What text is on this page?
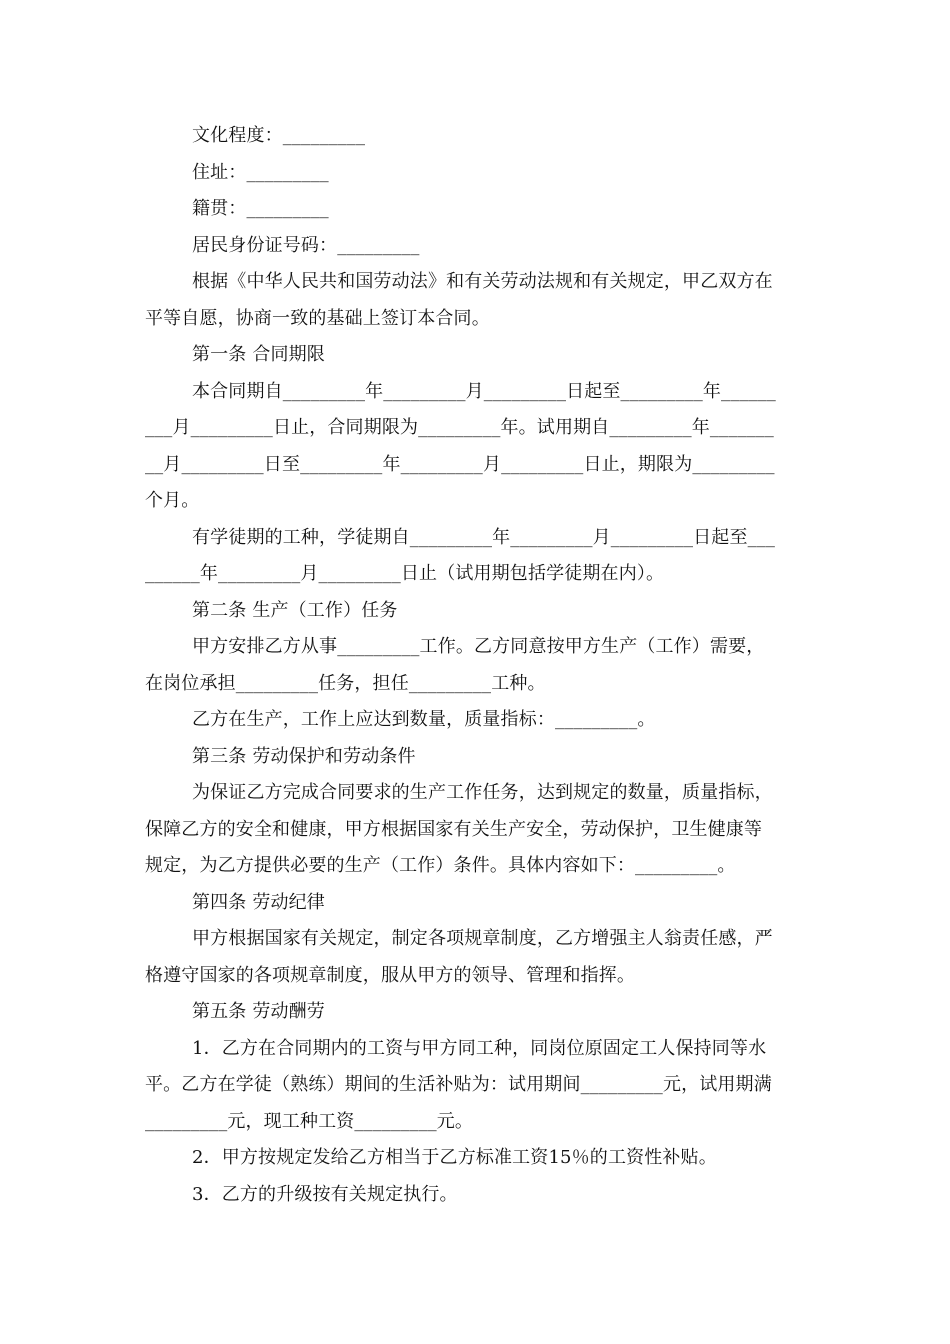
文化程度：_________

住址：_________

籍贯：_________

居民身份证号码：_________

根据《中华人民共和国劳动法》和有关劳动法规和有关规定，甲乙双方在

平等自愿，协商一致的基础上签订本合同。

第一条 合同期限

本合同期自_________年_________月_________日起至_________年______

___月_________日止，合同期限为_________年。试用期自_________年_______

__月_________日至_________年_________月_________日止，期限为_________

个月。

有学徒期的工种，学徒期自_________年_________月_________日起至___

______年_________月_________日止（试用期包括学徒期在内）。

第二条 生产（工作）任务

甲方安排乙方从事_________工作。乙方同意按甲方生产（工作）需要，

在岗位承担_________任务，担任_________工种。

乙方在生产，工作上应达到数量，质量指标：_________。

第三条 劳动保护和劳动条件

为保证乙方完成合同要求的生产工作任务，达到规定的数量，质量指标，

保障乙方的安全和健康，甲方根据国家有关生产安全，劳动保护，卫生健康等

规定，为乙方提供必要的生产（工作）条件。具体内容如下：_________。

第四条 劳动纪律

甲方根据国家有关规定，制定各项规章制度，乙方增强主人翁责任感，严

格遵守国家的各项规章制度，服从甲方的领导、管理和指挥。

第五条 劳动酬劳

1．乙方在合同期内的工资与甲方同工种，同岗位原固定工人保持同等水

平。乙方在学徒（熟练）期间的生活补贴为：试用期间_________元，试用期满

_________元，现工种工资_________元。

2．甲方按规定发给乙方相当于乙方标准工资15％的工资性补贴。

3．乙方的升级按有关规定执行。
